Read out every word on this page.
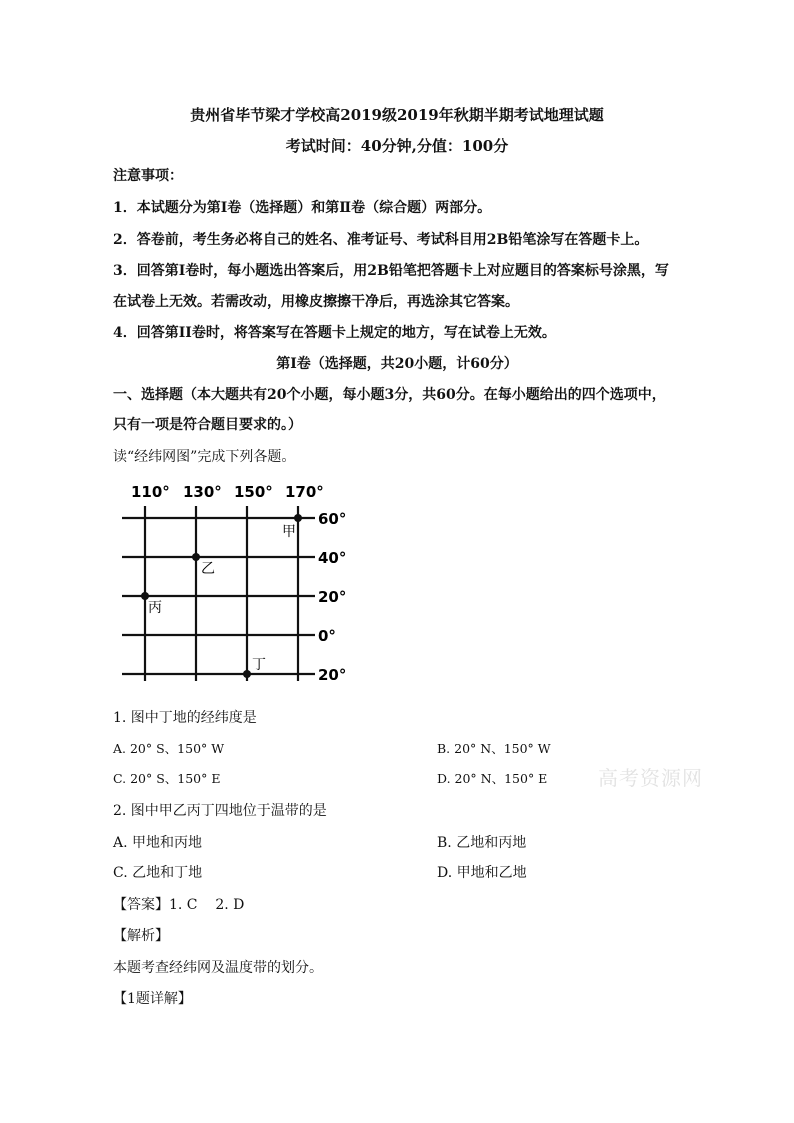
贵州省毕节梁才学校高2019级2019年秋期半期考试地理试题
考试时间：40分钟,分值：100分
注意事项：
1．本试题分为第Ⅰ卷（选择题）和第Ⅱ卷（综合题）两部分。
2．答卷前，考生务必将自己的姓名、准考证号、考试科目用2B铅笔涂写在答题卡上。
3．回答第Ⅰ卷时，每小题选出答案后，用2B铅笔把答题卡上对应题目的答案标号涂黑，写
在试卷上无效。若需改动，用橡皮擦擦干净后，再选涂其它答案。
4．回答第II卷时，将答案写在答题卡上规定的地方，写在试卷上无效。
第Ⅰ卷（选择题，共20小题，计60分）
一、选择题（本大题共有20个小题，每小题3分，共60分。在每小题给出的四个选项中，
只有一项是符合题目要求的。）
读“经纬网图”完成下列各题。
110° 130° 150° 170°
60°
40°
20°
0°
20°
甲
乙
丙
丁
1. 图中丁地的经纬度是
A. 20° S、150° W	B. 20° N、150° W
C. 20° S、150° E	D. 20° N、150° E	高考资源网
2. 图中甲乙丙丁四地位于温带的是
A. 甲地和丙地	B. 乙地和丙地
C. 乙地和丁地	D. 甲地和乙地
【答案】1. C    2. D
【解析】
本题考查经纬网及温度带的划分。
【1题详解】
